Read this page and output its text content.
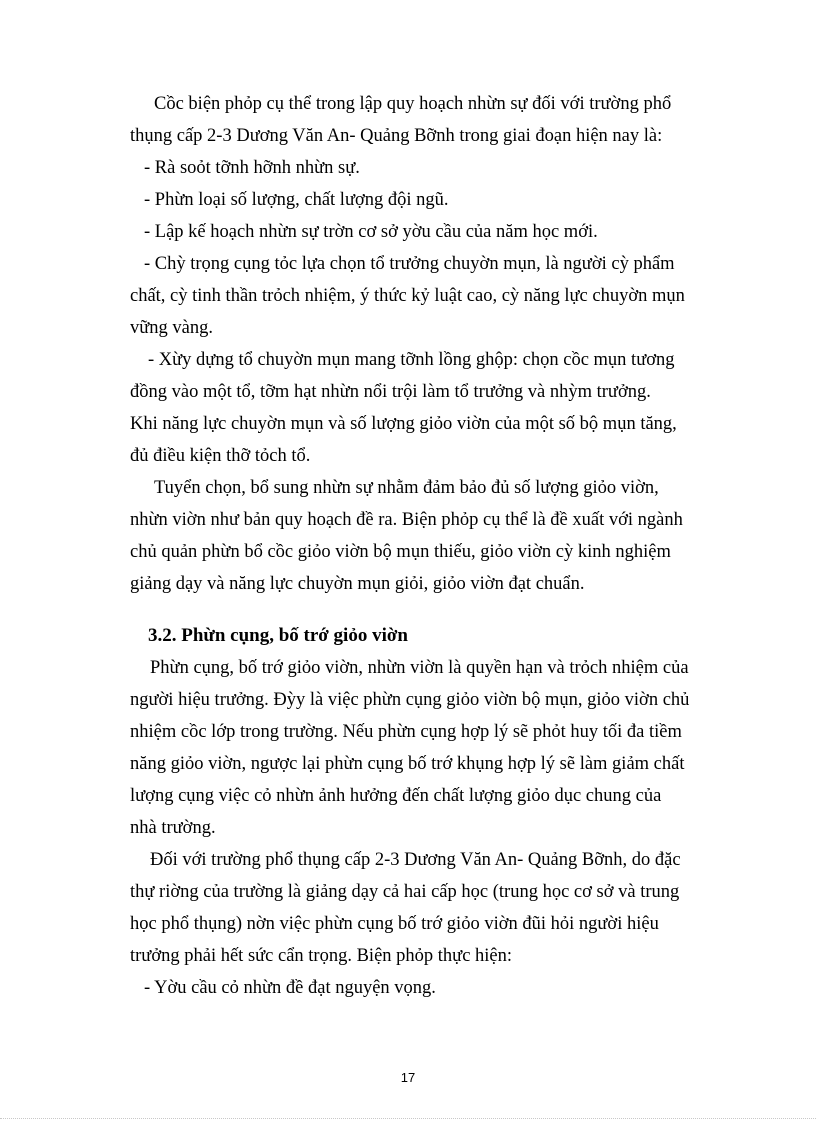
Cồc biện phỏp cụ thể trong lập quy hoạch nhừn sự đối với trường phổ
thụng cấp 2-3 Dương Văn An- Quảng Bỡnh trong giai đoạn hiện nay là:
- Rà soỏt tỡnh hỡnh nhừn sự.
- Phừn loại số lượng, chất lượng đội ngũ.
- Lập kế hoạch nhừn sự trờn cơ sở yờu cầu của năm học mới.
- Chỳ trọng cụng tỏc lựa chọn tổ trưởng chuyờn mụn, là người cỳ phẩm
chất, cỳ tinh thần trỏch nhiệm, ý thức kỷ luật cao, cỳ năng lực chuyờn mụn
vững vàng.
- Xừy dựng tổ chuyờn mụn mang tỡnh lồng ghộp: chọn cồc mụn tương
đồng vào một tổ, tỡm hạt nhừn nổi trội làm tổ trưởng và nhỳm trưởng.
Khi năng lực chuyờn mụn và số lượng giỏo viờn của một số bộ mụn tăng,
đủ điều kiện thỡ tỏch tổ.
Tuyển chọn, bổ sung nhừn sự nhằm đảm bảo đủ số lượng giỏo viờn,
nhừn viờn như bản quy hoạch đề ra. Biện phỏp cụ thể là đề xuất với ngành
chủ quản phừn bổ cồc giỏo viờn bộ mụn thiếu, giỏo viờn cỳ kinh nghiệm
giảng dạy và năng lực chuyờn mụn giỏi, giỏo viờn đạt chuẩn.
3.2. Phừn cụng, bố trớ giỏo viờn
Phừn cụng, bố trớ giỏo viờn, nhừn viờn là quyền hạn và trỏch nhiệm của
người hiệu trưởng. Đỳy là việc phừn cụng giỏo viờn bộ mụn, giỏo viờn chủ
nhiệm cồc lớp trong trường. Nếu phừn cụng hợp lý sẽ phỏt huy tối đa tiềm
năng giỏo viờn, ngược lại phừn cụng bố trớ khụng hợp lý sẽ làm giảm chất
lượng cụng việc cỏ nhừn ảnh hưởng đến chất lượng giỏo dục chung của
nhà trường.
Đối với trường phổ thụng cấp 2-3 Dương Văn An- Quảng Bỡnh, do đặc
thự riờng của trường là giảng dạy cả hai cấp học (trung học cơ sở và trung
học phổ thụng) nờn việc phừn cụng bố trớ giỏo viờn đũi hỏi người hiệu
trưởng phải hết sức cẩn trọng. Biện phỏp thực hiện:
- Yờu cầu cỏ nhừn đề đạt nguyện vọng.
17
